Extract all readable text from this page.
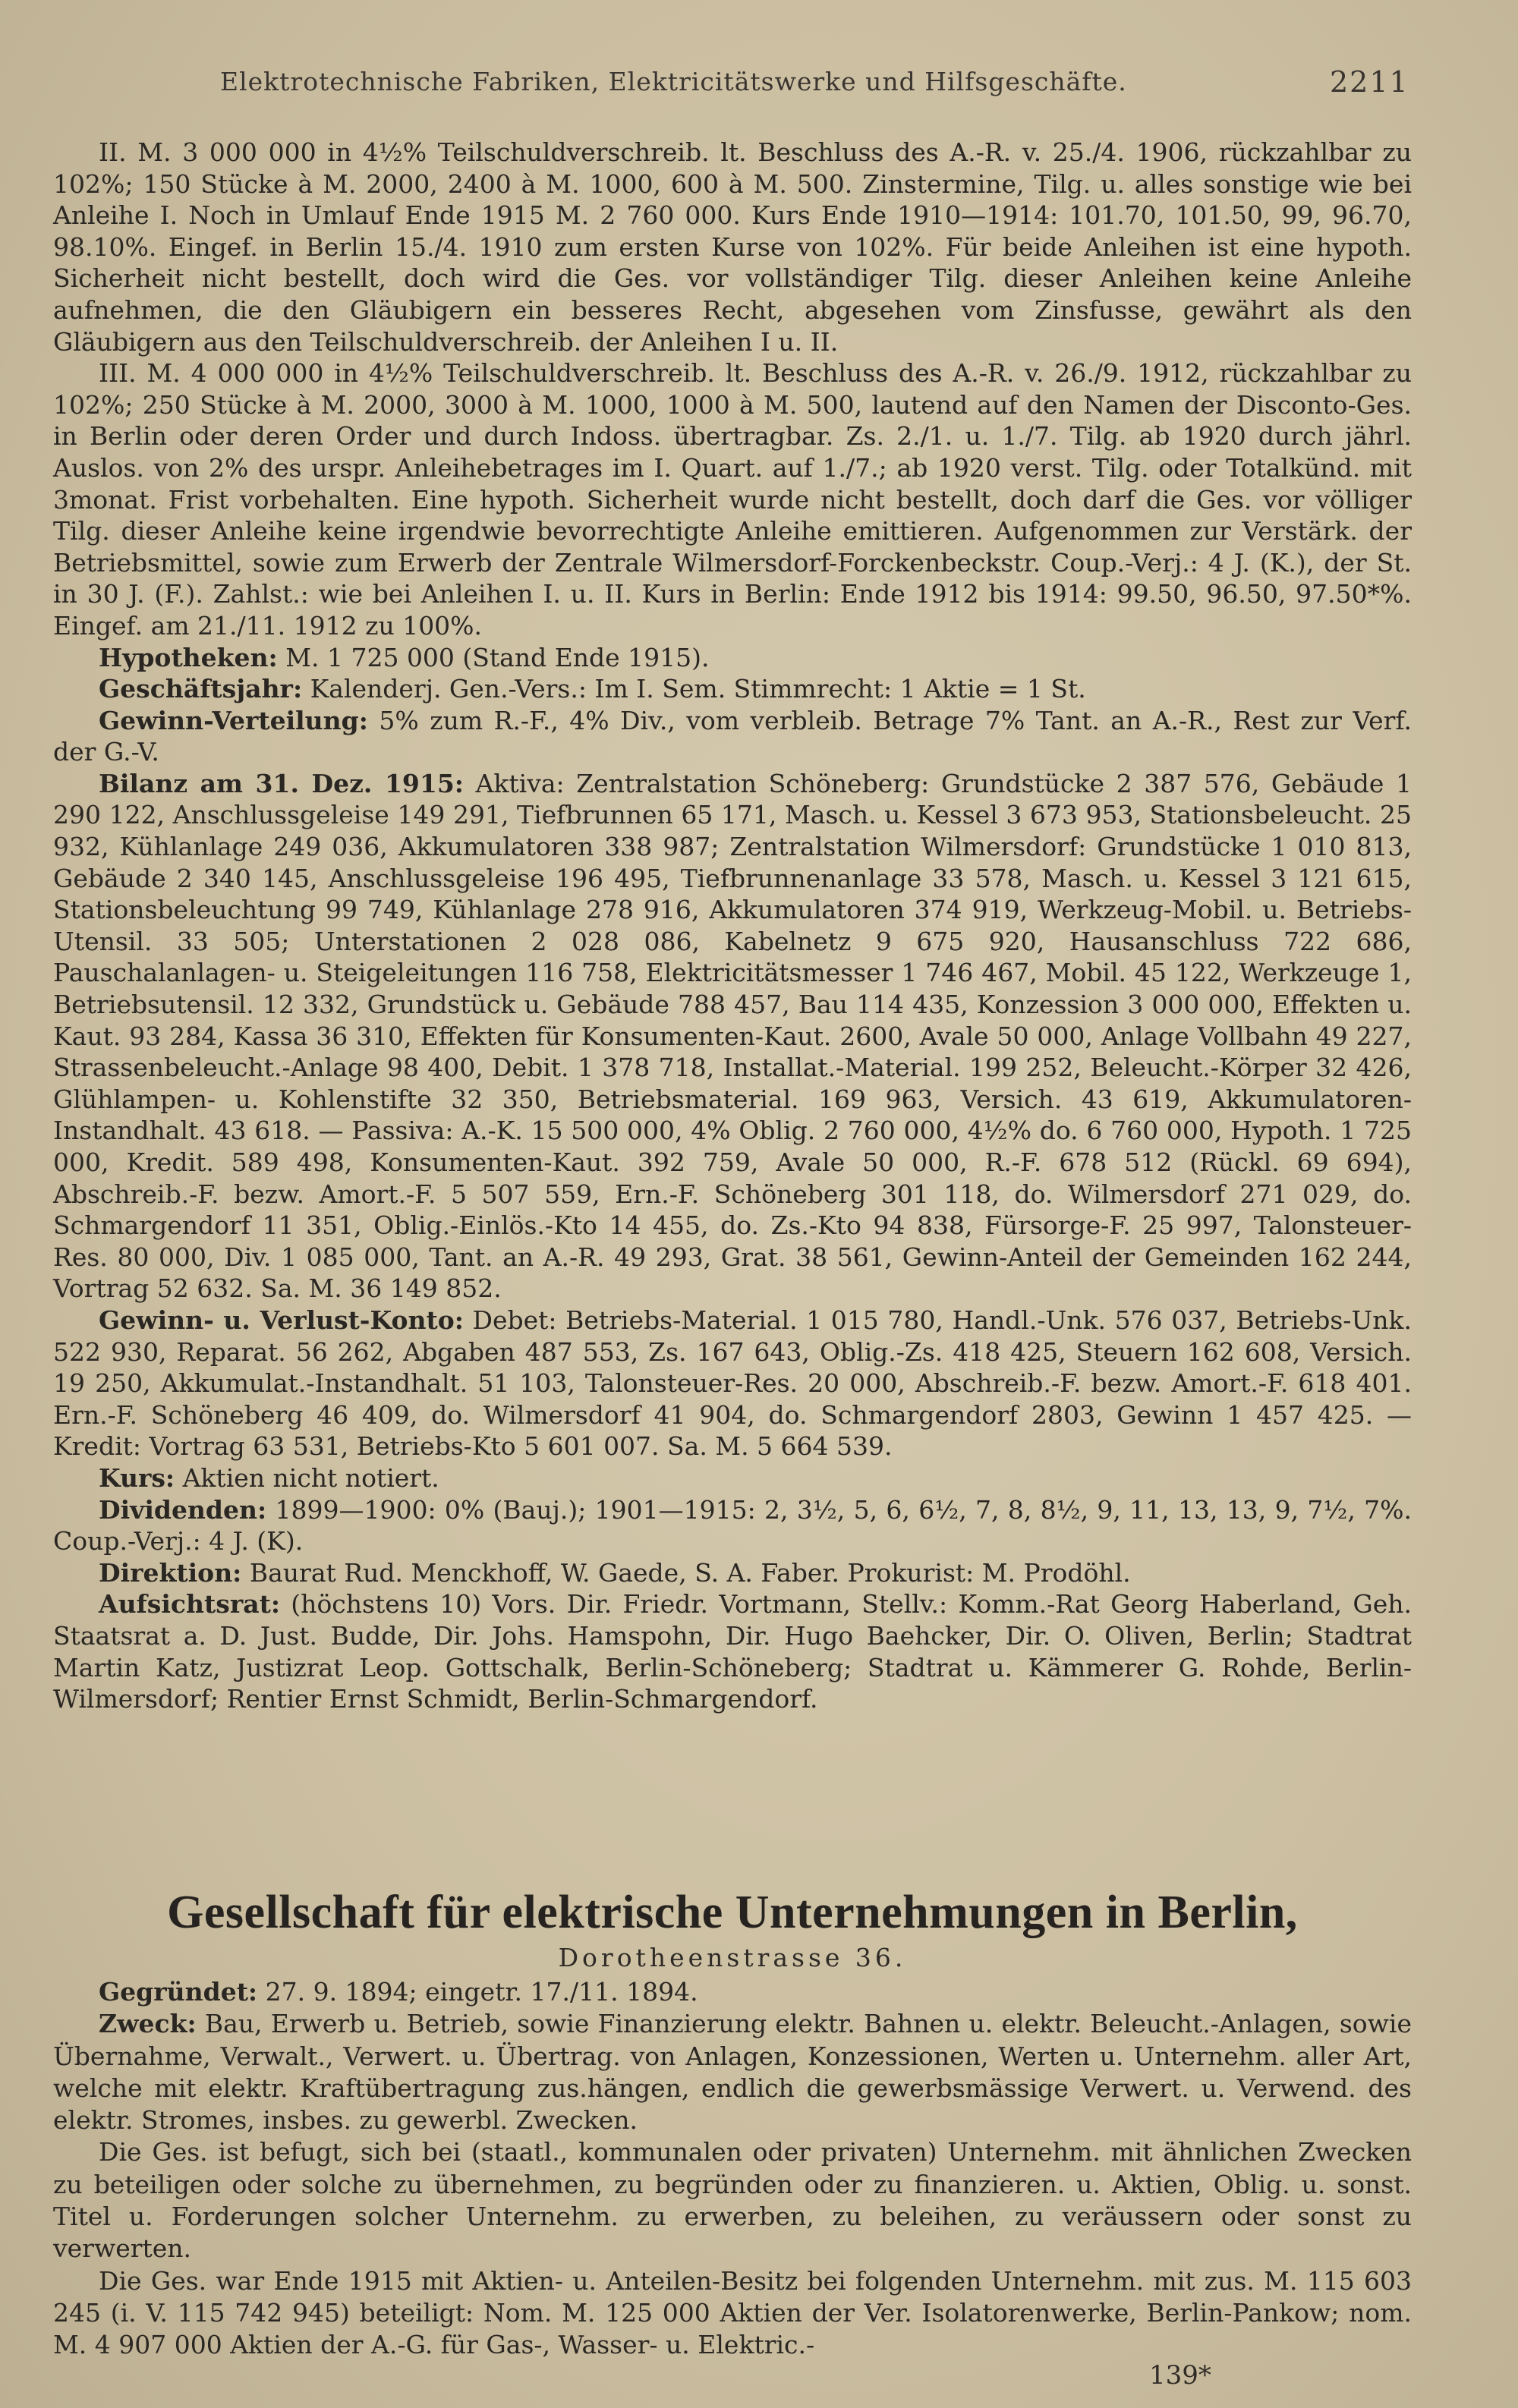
Elektrotechnische Fabriken, Elektricitätswerke und Hilfsgeschäfte.	2211

II. M. 3 000 000 in 4½% Teilschuldverschreib. lt. Beschluss des A.-R. v. 25./4. 1906, rückzahlbar zu 102%; 150 Stücke à M. 2000, 2400 à M. 1000, 600 à M. 500. Zinstermine, Tilg. u. alles sonstige wie bei Anleihe I. Noch in Umlauf Ende 1915 M. 2 760 000. Kurs Ende 1910—1914: 101.70, 101.50, 99, 96.70, 98.10%. Eingef. in Berlin 15./4. 1910 zum ersten Kurse von 102%. Für beide Anleihen ist eine hypoth. Sicherheit nicht bestellt, doch wird die Ges. vor vollständiger Tilg. dieser Anleihen keine Anleihe aufnehmen, die den Gläubigern ein besseres Recht, abgesehen vom Zinsfusse, gewährt als den Gläubigern aus den Teilschuldverschreib. der Anleihen I u. II.

III. M. 4 000 000 in 4½% Teilschuldverschreib. lt. Beschluss des A.-R. v. 26./9. 1912, rückzahlbar zu 102%; 250 Stücke à M. 2000, 3000 à M. 1000, 1000 à M. 500, lautend auf den Namen der Disconto-Ges. in Berlin oder deren Order und durch Indoss. übertragbar. Zs. 2./1. u. 1./7. Tilg. ab 1920 durch jährl. Auslos. von 2% des urspr. Anleihebetrages im I. Quart. auf 1./7.; ab 1920 verst. Tilg. oder Totalkünd. mit 3monat. Frist vorbehalten. Eine hypoth. Sicherheit wurde nicht bestellt, doch darf die Ges. vor völliger Tilg. dieser Anleihe keine irgendwie bevorrechtigte Anleihe emittieren. Aufgenommen zur Verstärk. der Betriebsmittel, sowie zum Erwerb der Zentrale Wilmersdorf-Forckenbeckstr. Coup.-Verj.: 4 J. (K.), der St. in 30 J. (F.). Zahlst.: wie bei Anleihen I. u. II. Kurs in Berlin: Ende 1912 bis 1914: 99.50, 96.50, 97.50*%. Eingef. am 21./11. 1912 zu 100%.

Hypotheken: M. 1 725 000 (Stand Ende 1915).

Geschäftsjahr: Kalenderj. Gen.-Vers.: Im I. Sem. Stimmrecht: 1 Aktie = 1 St.

Gewinn-Verteilung: 5% zum R.-F., 4% Div., vom verbleib. Betrage 7% Tant. an A.-R., Rest zur Verf. der G.-V.

Bilanz am 31. Dez. 1915: Aktiva: Zentralstation Schöneberg: Grundstücke 2 387 576, Gebäude 1 290 122, Anschlussgeleise 149 291, Tiefbrunnen 65 171, Masch. u. Kessel 3 673 953, Stationsbeleucht. 25 932, Kühlanlage 249 036, Akkumulatoren 338 987; Zentralstation Wilmersdorf: Grundstücke 1 010 813, Gebäude 2 340 145, Anschlussgeleise 196 495, Tiefbrunnenanlage 33 578, Masch. u. Kessel 3 121 615, Stationsbeleuchtung 99 749, Kühlanlage 278 916, Akkumulatoren 374 919, Werkzeug-Mobil. u. Betriebs-Utensil. 33 505; Unterstationen 2 028 086, Kabelnetz 9 675 920, Hausanschluss 722 686, Pauschalanlagen- u. Steigeleitungen 116 758, Elektricitätsmesser 1 746 467, Mobil. 45 122, Werkzeuge 1, Betriebsutensil. 12 332, Grundstück u. Gebäude 788 457, Bau 114 435, Konzession 3 000 000, Effekten u. Kaut. 93 284, Kassa 36 310, Effekten für Konsumenten-Kaut. 2600, Avale 50 000, Anlage Vollbahn 49 227, Strassenbeleucht.-Anlage 98 400, Debit. 1 378 718, Installat.-Material. 199 252, Beleucht.-Körper 32 426, Glühlampen- u. Kohlenstifte 32 350, Betriebsmaterial. 169 963, Versich. 43 619, Akkumulatoren-Instandhalt. 43 618. — Passiva: A.-K. 15 500 000, 4% Oblig. 2 760 000, 4½% do. 6 760 000, Hypoth. 1 725 000, Kredit. 589 498, Konsumenten-Kaut. 392 759, Avale 50 000, R.-F. 678 512 (Rückl. 69 694), Abschreib.-F. bezw. Amort.-F. 5 507 559, Ern.-F. Schöneberg 301 118, do. Wilmersdorf 271 029, do. Schmargendorf 11 351, Oblig.-Einlös.-Kto 14 455, do. Zs.-Kto 94 838, Fürsorge-F. 25 997, Talonsteuer-Res. 80 000, Div. 1 085 000, Tant. an A.-R. 49 293, Grat. 38 561, Gewinn-Anteil der Gemeinden 162 244, Vortrag 52 632. Sa. M. 36 149 852.

Gewinn- u. Verlust-Konto: Debet: Betriebs-Material. 1 015 780, Handl.-Unk. 576 037, Betriebs-Unk. 522 930, Reparat. 56 262, Abgaben 487 553, Zs. 167 643, Oblig.-Zs. 418 425, Steuern 162 608, Versich. 19 250, Akkumulat.-Instandhalt. 51 103, Talonsteuer-Res. 20 000, Abschreib.-F. bezw. Amort.-F. 618 401. Ern.-F. Schöneberg 46 409, do. Wilmersdorf 41 904, do. Schmargendorf 2803, Gewinn 1 457 425. — Kredit: Vortrag 63 531, Betriebs-Kto 5 601 007. Sa. M. 5 664 539.

Kurs: Aktien nicht notiert.

Dividenden: 1899—1900: 0% (Bauj.); 1901—1915: 2, 3½, 5, 6, 6½, 7, 8, 8½, 9, 11, 13, 13, 9, 7½, 7%. Coup.-Verj.: 4 J. (K).

Direktion: Baurat Rud. Menckhoff, W. Gaede, S. A. Faber. Prokurist: M. Prodöhl.

Aufsichtsrat: (höchstens 10) Vors. Dir. Friedr. Vortmann, Stellv.: Komm.-Rat Georg Haberland, Geh. Staatsrat a. D. Just. Budde, Dir. Johs. Hamspohn, Dir. Hugo Baehcker, Dir. O. Oliven, Berlin; Stadtrat Martin Katz, Justizrat Leop. Gottschalk, Berlin-Schöneberg; Stadtrat u. Kämmerer G. Rohde, Berlin-Wilmersdorf; Rentier Ernst Schmidt, Berlin-Schmargendorf.

Gesellschaft für elektrische Unternehmungen in Berlin,
Dorotheenstrasse 36.

Gegründet: 27. 9. 1894; eingetr. 17./11. 1894.

Zweck: Bau, Erwerb u. Betrieb, sowie Finanzierung elektr. Bahnen u. elektr. Beleucht.-Anlagen, sowie Übernahme, Verwalt., Verwert. u. Übertrag. von Anlagen, Konzessionen, Werten u. Unternehm. aller Art, welche mit elektr. Kraftübertragung zus.hängen, endlich die gewerbsmässige Verwert. u. Verwend. des elektr. Stromes, insbes. zu gewerbl. Zwecken.

Die Ges. ist befugt, sich bei (staatl., kommunalen oder privaten) Unternehm. mit ähnlichen Zwecken zu beteiligen oder solche zu übernehmen, zu begründen oder zu finanzieren. u. Aktien, Oblig. u. sonst. Titel u. Forderungen solcher Unternehm. zu erwerben, zu beleihen, zu veräussern oder sonst zu verwerten.

Die Ges. war Ende 1915 mit Aktien- u. Anteilen-Besitz bei folgenden Unternehm. mit zus. M. 115 603 245 (i. V. 115 742 945) beteiligt: Nom. M. 125 000 Aktien der Ver. Isolatorenwerke, Berlin-Pankow; nom. M. 4 907 000 Aktien der A.-G. für Gas-, Wasser- u. Elektric.-

139*
